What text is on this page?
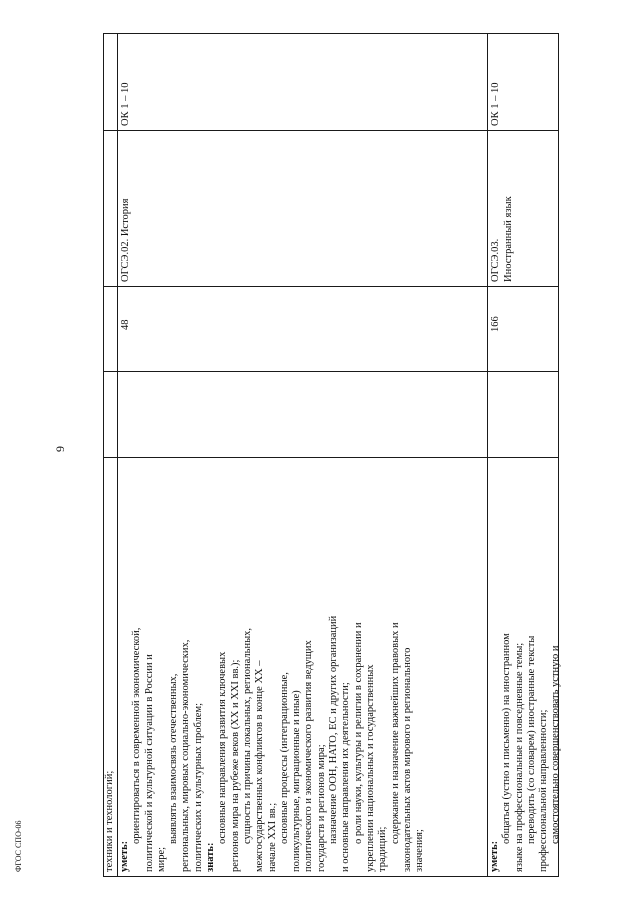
9
ФГОС СПО-06	техники и технологий; уметь:
ориентироваться в современной экономической, политической и культурной ситуации в России и мире;
выявлять взаимосвязь отечественных, региональных, мировых социально-экономических, политических и культурных проблем; знать:
основные направления развития ключевых регионов мира на рубеже веков (XX и XXI вв.); сущность и причины локальных, региональных, межгосударственных конфликтов в конце XX – начале XXI вв.; основные процессы (интеграционные, поликультурные, миграционные и иные) политического и экономического развития ведущих государств и регионов мира; назначение ООН, НАТО, ЕС и других организаций и основные направления их деятельности; о роли науки, культуры и религии в сохранении и укреплении национальных и государственных традиций;
содержание и назначение важнейших правовых и законодательных актов мирового и регионального значения;
48
ОГСЭ.02. История
ОК 1 – 10
уметь:
общаться (устно и письменно) на иностранном языке на профессиональные и повседневные темы; переводить (со словарем) иностранные тексты профессиональной направленности; самостоятельно совершенствовать устную и
166
ОГСЭ.03. Иностранный язык
ОК 1 – 10
